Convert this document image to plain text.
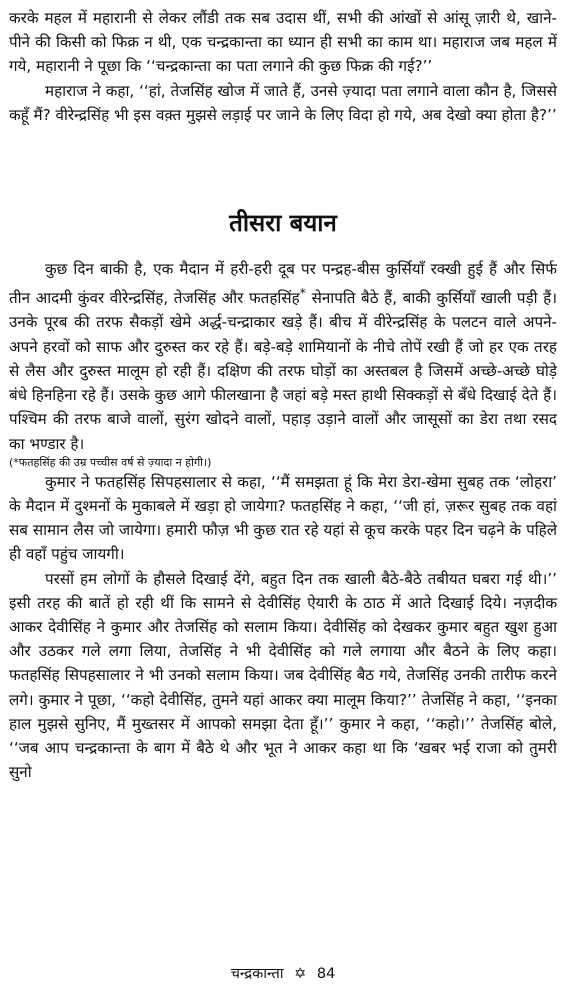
करके महल में महारानी से लेकर लौंडी तक सब उदास थीं, सभी की आंखों से आंसू ज़ारी थे, खाने-पीने की किसी को फिक्र न थी, एक चन्द्रकान्ता का ध्यान ही सभी का काम था। महाराज जब महल में गये, महारानी ने पूछा कि ‘‘चन्द्रकान्ता का पता लगाने की कुछ फिक्र की गई?’’

महाराज ने कहा, ‘‘हां, तेजसिंह खोज में जाते हैं, उनसे ज़्यादा पता लगाने वाला कौन है, जिससे कहूँ मैं? वीरेन्द्रसिंह भी इस वक़्त मुझसे लड़ाई पर जाने के लिए विदा हो गये, अब देखो क्या होता है?’’

तीसरा बयान

कुछ दिन बाकी है, एक मैदान में हरी-हरी दूब पर पन्द्रह-बीस कुर्सियाँ रक्खी हुई हैं और सिर्फ तीन आदमी कुंवर वीरेन्द्रसिंह, तेजसिंह और फतहसिंह* सेनापति बैठे हैं, बाकी कुर्सियाँ खाली पड़ी हैं। उनके पूरब की तरफ सैकड़ों खेमे अर्द्ध-चन्द्राकार खड़े हैं। बीच में वीरेन्द्रसिंह के पलटन वाले अपने-अपने हरवों को साफ और दुरुस्त कर रहे हैं। बड़े-बड़े शामियानों के नीचे तोपें रखी हैं जो हर एक तरह से लैस और दुरुस्त मालूम हो रही हैं। दक्षिण की तरफ घोड़ों का अस्तबल है जिसमें अच्छे-अच्छे घोड़े बंधे हिनहिना रहे हैं। उसके कुछ आगे फीलखाना है जहां बड़े मस्त हाथी सिक्कड़ों से बँधे दिखाई देते हैं। पश्चिम की तरफ बाजे वालों, सुरंग खोदने वालों, पहाड़ उड़ाने वालों और जासूसों का डेरा तथा रसद का भण्डार है।

(*फतहसिंह की उम्र पच्चीस वर्ष से ज़्यादा न होगी।)

कुमार ने फतहसिंह सिपहसालार से कहा, ‘‘मैं समझता हूं कि मेरा डेरा-खेमा सुबह तक ‘लोहरा’ के मैदान में दुश्मनों के मुकाबले में खड़ा हो जायेगा? फतहसिंह ने कहा, ‘‘जी हां, ज़रूर सुबह तक वहां सब सामान लैस जो जायेगा। हमारी फौज़ भी कुछ रात रहे यहां से कूच करके पहर दिन चढ़ने के पहिले ही वहाँ पहुंच जायगी।

परसों हम लोगों के हौसले दिखाई देंगे, बहुत दिन तक खाली बैठे-बैठे तबीयत घबरा गई थी।’’ इसी तरह की बातें हो रही थीं कि सामने से देवीसिंह ऐयारी के ठाठ में आते दिखाई दिये। नज़दीक आकर देवीसिंह ने कुमार और तेजसिंह को सलाम किया। देवीसिंह को देखकर कुमार बहुत खुश हुआ और उठकर गले लगा लिया, तेजसिंह ने भी देवीसिंह को गले लगाया और बैठने के लिए कहा। फतहसिंह सिपहसालार ने भी उनको सलाम किया। जब देवीसिंह बैठ गये, तेजसिंह उनकी तारीफ करने लगे। कुमार ने पूछा, ‘‘कहो देवीसिंह, तुमने यहां आकर क्या मालूम किया?’’ तेजसिंह ने कहा, ‘‘इनका हाल मुझसे सुनिए, मैं मुख्तसर में आपको समझा देता हूँ।’’ कुमार ने कहा, ‘‘कहो।’’ तेजसिंह बोले, ‘‘जब आप चन्द्रकान्ता के बाग में बैठे थे और भूत ने आकर कहा था कि ‘खबर भई राजा को तुमरी सुनो

चन्द्रकान्ता ✡ 84
